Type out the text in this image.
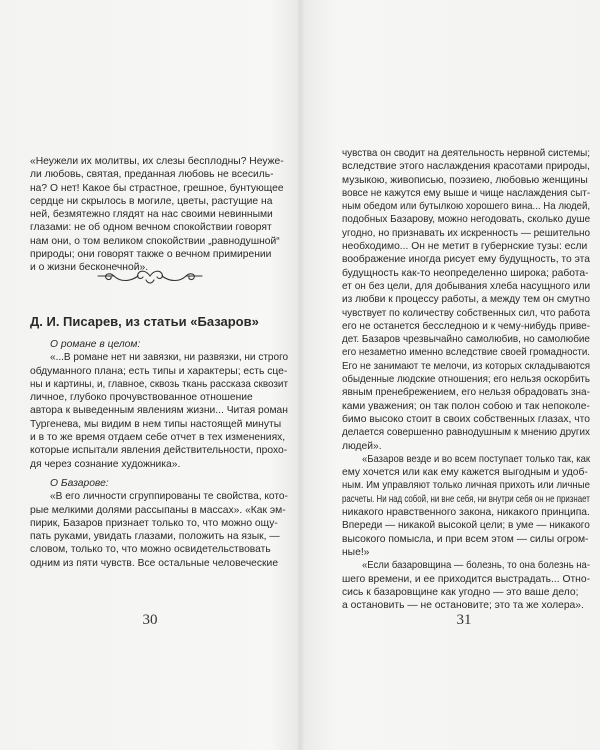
«Неужели их молитвы, их слезы бесплодны? Неуже-

ли любовь, святая, преданная любовь не всесиль-

на? О нет! Какое бы страстное, грешное, бунтующее

сердце ни скрылось в могиле, цветы, растущие на

ней, безмятежно глядят на нас своими невинными

глазами: не об одном вечном спокойствии говорят

нам они, о том великом спокойствии „равнодушной“

природы; они говорят также о вечном примирении

и о жизни бесконечной».

Д. И. Писарев, из статьи «Базаров»

О романе в целом:

«...В романе нет ни завязки, ни развязки, ни строго

обдуманного плана; есть типы и характеры; есть сце-

ны и картины, и, главное, сквозь ткань рассказа сквозит

личное, глубоко прочувствованное отношение

автора к выведенным явлениям жизни... Читая роман

Тургенева, мы видим в нем типы настоящей минуты

и в то же время отдаем себе отчет в тех изменениях,

которые испытали явления действительности, прохо-

дя через сознание художника».

О Базарове:

«В его личности сгруппированы те свойства, кото-

рые мелкими долями рассыпаны в массах». «Как эм-

пирик, Базаров признает только то, что можно ощу-

пать руками, увидать глазами, положить на язык, —

словом, только то, что можно освидетельствовать

одним из пяти чувств. Все остальные человеческие

30

чувства он сводит на деятельность нервной системы;

вследствие этого наслаждения красотами природы,

музыкою, живописью, поэзиею, любовью женщины

вовсе не кажутся ему выше и чище наслаждения сыт-

ным обедом или бутылкою хорошего вина... На людей,

подобных Базарову, можно негодовать, сколько душе

угодно, но признавать их искренность — решительно

необходимо... Он не метит в губернские тузы: если

воображение иногда рисует ему будущность, то эта

будущность как-то неопределенно широка; работа-

ет он без цели, для добывания хлеба насущного или

из любви к процессу работы, а между тем он смутно

чувствует по количеству собственных сил, что работа

его не останется бесследною и к чему-нибудь приве-

дет. Базаров чрезвычайно самолюбив, но самолюбие

его незаметно именно вследствие своей громадности.

Его не занимают те мелочи, из которых складываются

обыденные людские отношения; его нельзя оскорбить

явным пренебрежением, его нельзя обрадовать зна-

ками уважения; он так полон собою и так непоколе-

бимо высоко стоит в своих собственных глазах, что

делается совершенно равнодушным к мнению других

людей».

«Базаров везде и во всем поступает только так, как

ему хочется или как ему кажется выгодным и удоб-

ным. Им управляют только личная прихоть или личные

расчеты. Ни над собой, ни вне себя, ни внутри себя он не признает

никакого нравственного закона, никакого принципа.

Впереди — никакой высокой цели; в уме — никакого

высокого помысла, и при всем этом — силы огром-

ные!»

«Если базаровщина — болезнь, то она болезнь на-

шего времени, и ее приходится выстрадать... Отно-

сись к базаровщине как угодно — это ваше дело;

а остановить — не остановите; это та же холера».

31
